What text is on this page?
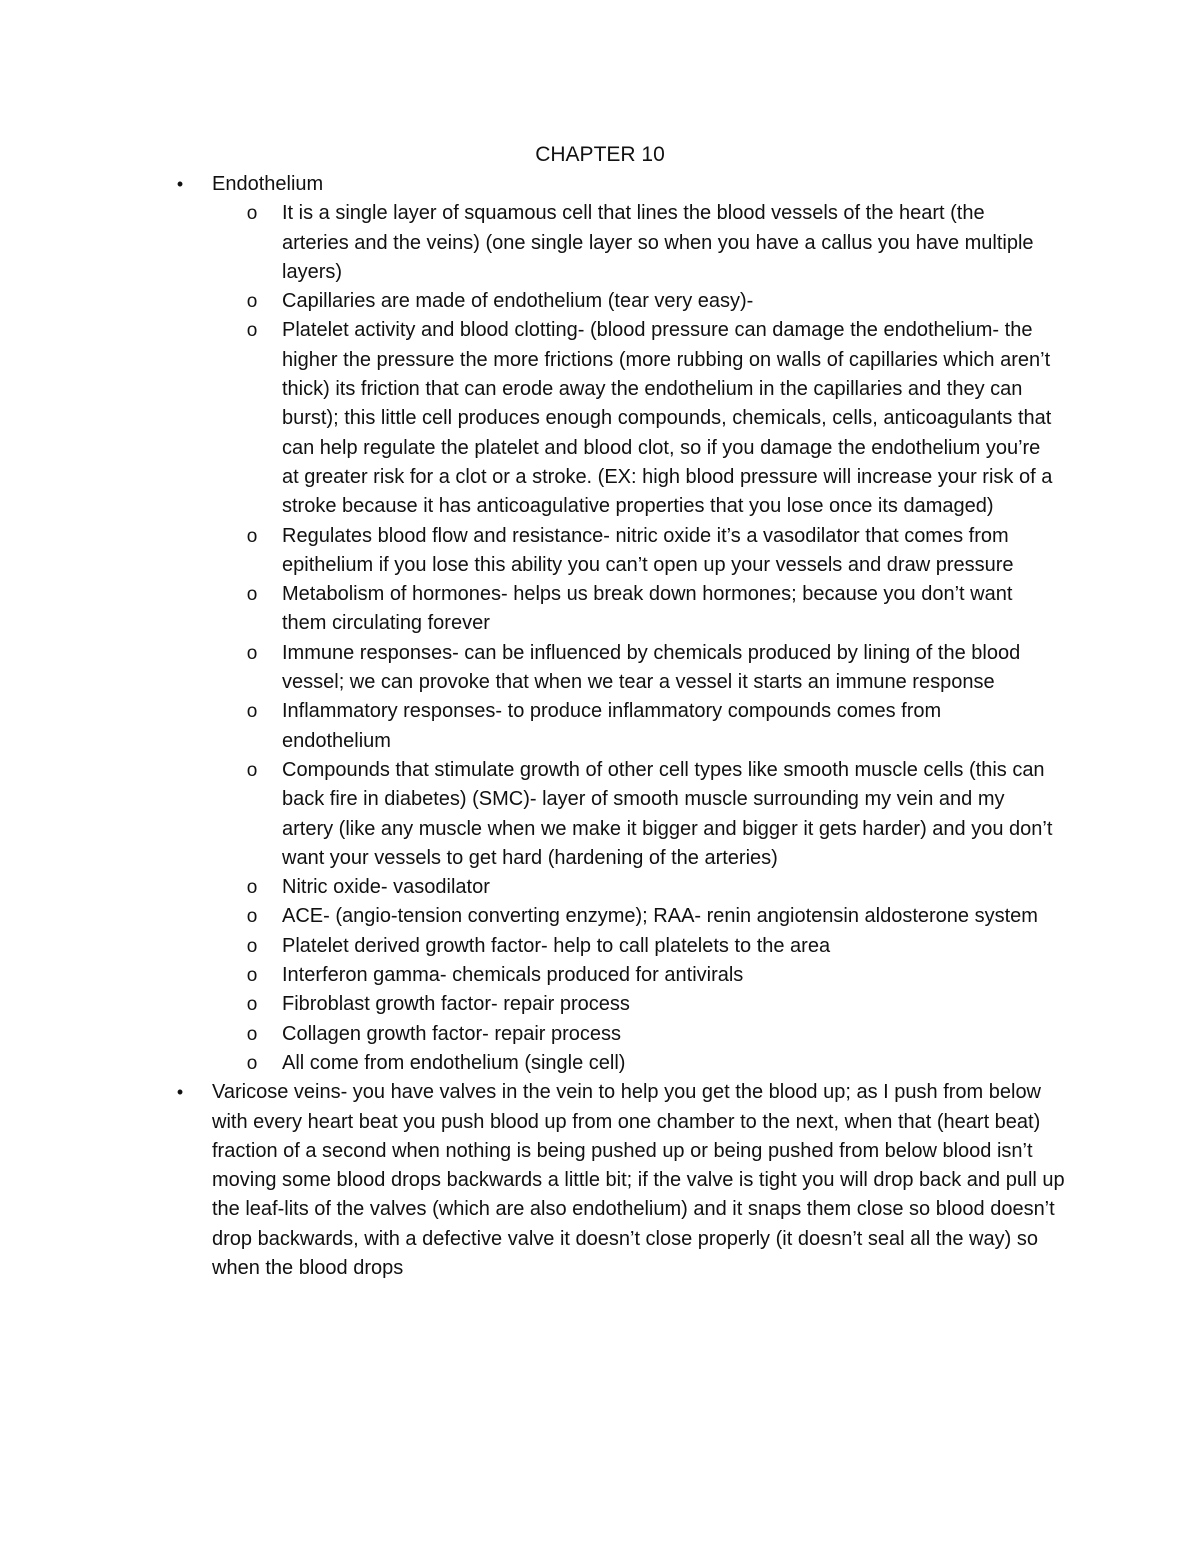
CHAPTER 10
• Endothelium
o It is a single layer of squamous cell that lines the blood vessels of the heart (the arteries and the veins) (one single layer so when you have a callus you have multiple layers)
o Capillaries are made of endothelium (tear very easy)-
o Platelet activity and blood clotting- (blood pressure can damage the endothelium- the higher the pressure the more frictions (more rubbing on walls of capillaries which aren’t thick) its friction that can erode away the endothelium in the capillaries and they can burst); this little cell produces enough compounds, chemicals, cells, anticoagulants that can help regulate the platelet and blood clot, so if you damage the endothelium you’re at greater risk for a clot or a stroke. (EX: high blood pressure will increase your risk of a stroke because it has anticoagulative properties that you lose once its damaged)
o Regulates blood flow and resistance- nitric oxide it’s a vasodilator that comes from epithelium if you lose this ability you can’t open up your vessels and draw pressure
o Metabolism of hormones- helps us break down hormones; because you don’t want them circulating forever
o Immune responses- can be influenced by chemicals produced by lining of the blood vessel; we can provoke that when we tear a vessel it starts an immune response
o Inflammatory responses- to produce inflammatory compounds comes from endothelium
o Compounds that stimulate growth of other cell types like smooth muscle cells (this can back fire in diabetes) (SMC)- layer of smooth muscle surrounding my vein and my artery (like any muscle when we make it bigger and bigger it gets harder) and you don’t want your vessels to get hard (hardening of the arteries)
o Nitric oxide- vasodilator
o ACE- (angio-tension converting enzyme); RAA- renin angiotensin aldosterone system
o Platelet derived growth factor- help to call platelets to the area
o Interferon gamma- chemicals produced for antivirals
o Fibroblast growth factor- repair process
o Collagen growth factor- repair process
o All come from endothelium (single cell)
• Varicose veins- you have valves in the vein to help you get the blood up; as I push from below with every heart beat you push blood up from one chamber to the next, when that (heart beat) fraction of a second when nothing is being pushed up or being pushed from below blood isn’t moving some blood drops backwards a little bit; if the valve is tight you will drop back and pull up the leaf-lits of the valves (which are also endothelium) and it snaps them close so blood doesn’t drop backwards, with a defective valve it doesn’t close properly (it doesn’t seal all the way) so when the blood drops
